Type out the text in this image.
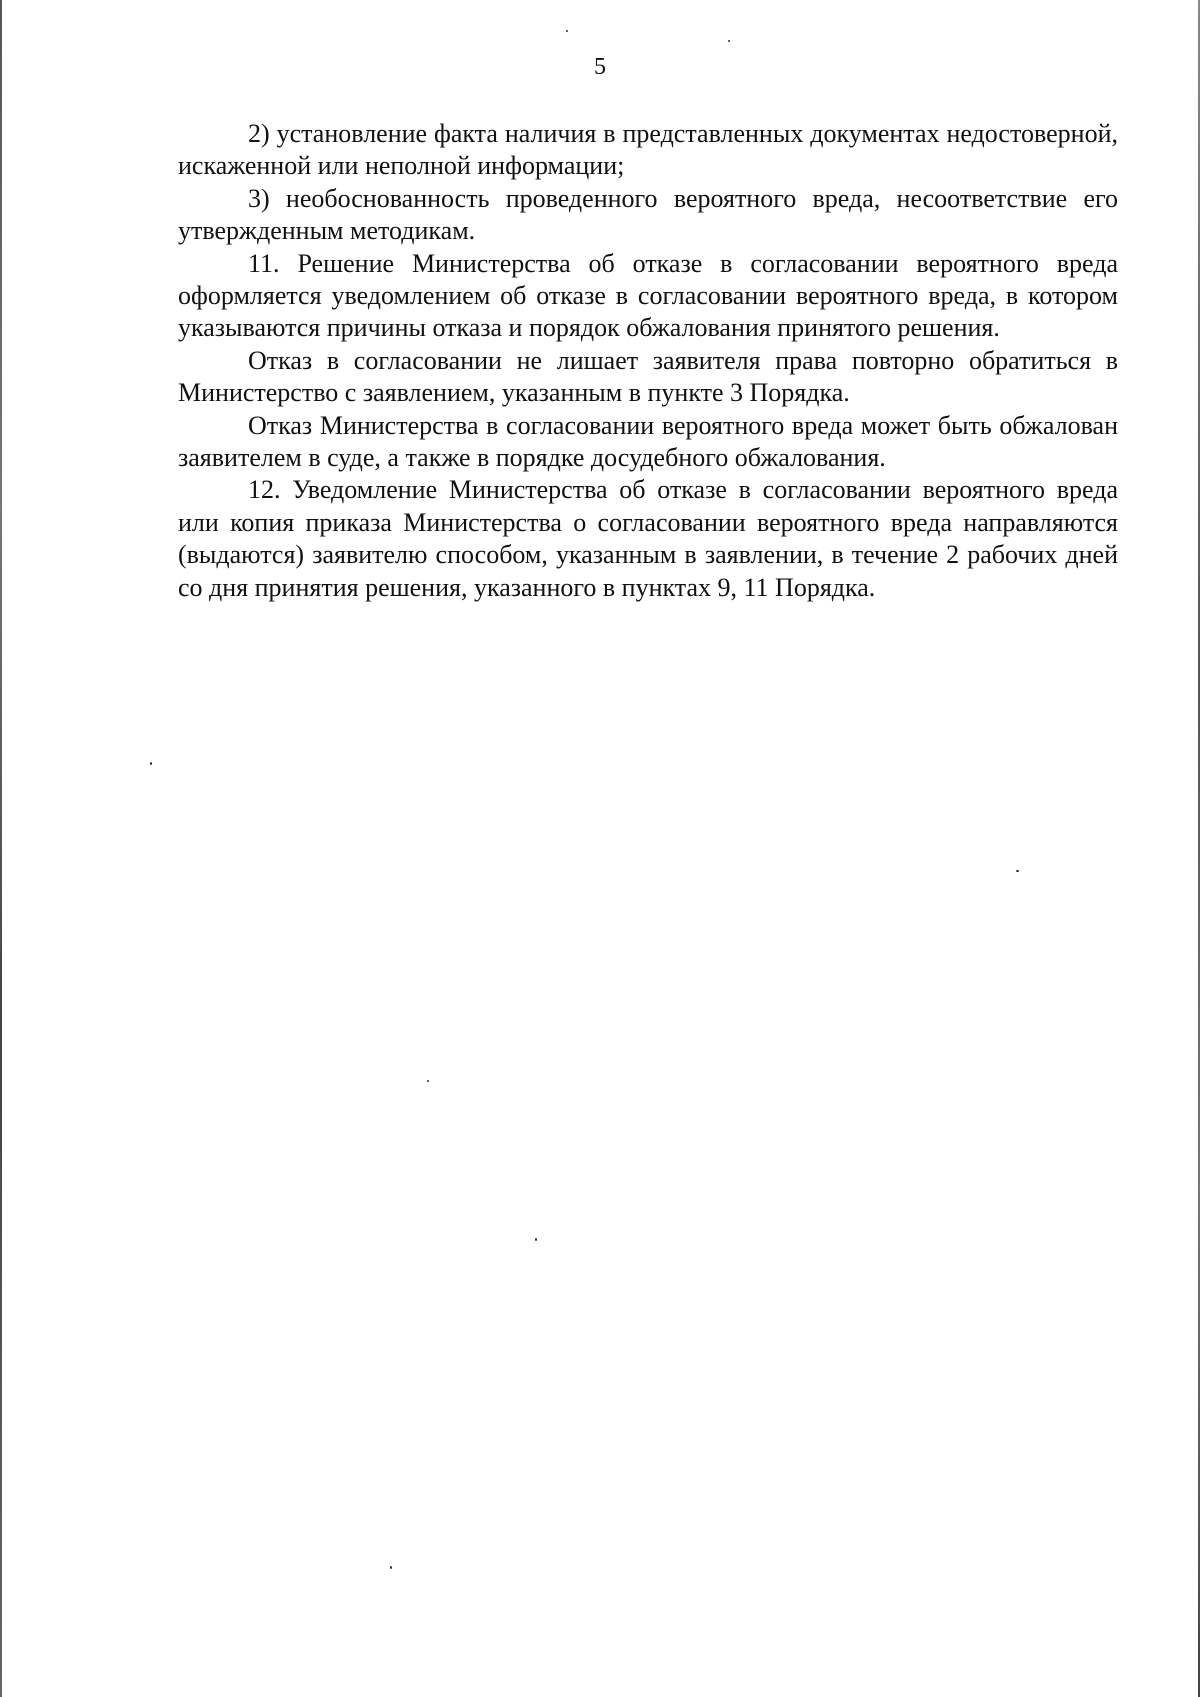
5

2) установление факта наличия в представленных документах недостоверной, искаженной или неполной информации;

3) необоснованность проведенного вероятного вреда, несоответствие его утвержденным методикам.

11. Решение Министерства об отказе в согласовании вероятного вреда оформляется уведомлением об отказе в согласовании вероятного вреда, в котором указываются причины отказа и порядок обжалования принятого решения.

Отказ в согласовании не лишает заявителя права повторно обратиться в Министерство с заявлением, указанным в пункте 3 Порядка.

Отказ Министерства в согласовании вероятного вреда может быть обжалован заявителем в суде, а также в порядке досудебного обжалования.

12. Уведомление Министерства об отказе в согласовании вероятного вреда или копия приказа Министерства о согласовании вероятного вреда направляются (выдаются) заявителю способом, указанным в заявлении, в течение 2 рабочих дней со дня принятия решения, указанного в пунктах 9, 11 Порядка.
